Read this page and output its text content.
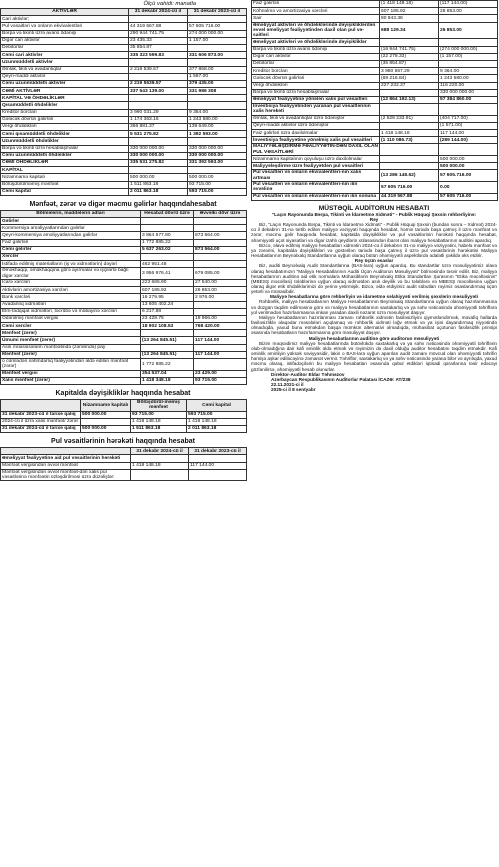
Ölçü vahidi: manatla
AKTİVLƏR	31 dekabr 2024-cü il	31 dekabr 2023-cü il
Cari aktivlər;		
Pul vəsaitləri və onların ekvivalentləri	44 319 567.88	57 605 716.00
Bərpa və tikinti üzrə avans ödənişi	290 944 741.75	274 000 000.00
Digər cari aktivlər	23 435.33	1 157.00
Debitorlar	35 854.87	
Cəmi cari aktivlər	335 323 599.83	331 606 873.00
Uzunmüddətli aktivlər		
Əmlak, tikili və avadanlıqlar	2 219 539.57	377 868.00
Qeyri-maddi aktivlər		1 567.00
Cəmi uzunmüddətli aktivlər	2 219 5539.57	379 435.00
CƏMİ AKTİVLƏR	337 543 139.00	331 986 308
KAPİTAL VƏ ÖHDƏLİKLƏR		
Qısamüddətli öhdəliklər		
Kreditor borcları	3 990 031.29	9 364.00
Gələcək dövrün gəlirləri	1 174 363.16	1 243 580.00
Vergi öhdəlikləri	366 881.37	139 649.00
Cəmi qısamüddətli öhdəliklər	5 531 275.82	1 392 593.00
Uzunmüddətli öhdəliklər		
Bərpa və tikinti üzrə hesablaşmalar	330 000 000.00	330 000 000.00
Cəmi uzunmüddətli öhdəliklər	330 000 000.00	330 000 000.00
CƏMİ ÖHDƏLİKLƏR	335 531 275.82	331 392 593.00
KAPİTAL		
Nizamnamə kapitalı	500 000.00	500 000.00
Bölüşdürülməmiş mənfəət	1 511 863.18	93 715.00
Cəmi kapital	2 011 863.18	593 715.00
Mənfəət, zərər və digər məcmu gəlirlər haqqındahesabat
Bölmələrin, maddələrin adları	Hesabat dövrü üzrə	Əvvəlki dövr üzrə
Gəlirlər		
Kommersiya əməliyyatlarından gəlirlər		
Qeyri-kommersiya əməliyyatlarından gəlirlər	3 864 577.80	873 564.00
Faiz gəlirləri	1 772 885.22	
Cəmi gəlirlər	5 637 263.02	873 564.00
Xərclər		
İstifadə edilmiş materialların (iş və xidmətlərin) dəyəri	462 951.48	
Əməkhaqqı, əməkhaqqına görə ayırmalar və işçilərlə bağlı digər xərclər	3 956 976.41	679 085.00
İcarə xərcləri	223 665.90	27 540.00
Aktivlərin amortizasiya xərcləri	607 185.92	26 853.00
Bank xərcləri	16 279.95	2 976.00
Avadanlıq xidmətləri	13 605 402.24	
Elm-tədqiqat xidmətləri, təcrübə və mübayinə xərcləri	6 217.88	
Ödənilmiş mənfəət vergisi	23 428.75	19 966.00
Cəmi xərclər	18 902 108.53	768 420.00
Mənfəət (zərər)		
Ümumi mənfəət (zərər)	(13 264 845.51)	117 144.00
Asılı müəssisələrin mənfəətində (zərərində) pay		
Mənfəət (zərər)	(13 264 845.51)	117 144.00
o cümlədən səhmdarlıq fəaliyyətindən əldə edilən mənfəət (zərər)	1 772 885.22	
Mənfəət vergisi	354 537.04	23 429.00
Xalis mənfəət (zərər)	1 418 348.18	93 715.00
Kapitalda dəyişikliklər haqqında hesabat
	Nizamnamə kapitalı	Bölüşdürül-məmiş mənfəət	Cəmi kapital
31 dekabr 2023-cü il tarixə qalıq	500 000.00	93 715.00	593 715.00
2024-cü il üzrə xalis mənfəət/ zərər		1 418 148.18	1 418 148.18
31 dekabr 2024-cü il tarixə qalıq	500 000.00	1 511 863.18	2 011 863.18
Pul vəsaitlərinin hərəkəti haqqında hesabat
	31 dekabr 2024-cü il	31 dekabr 2023-cü il
Əməliyyat fəaliyyətinə aid pul vəsaitlərinin hərəkəti		
Mənfəət vergisindən əvvəl mənfəət	1 418 148.18	117 144.00
Mənfəət vergisindən əvvəl mənfəət-dən xalis pul vəsaitlərinə mənfəətin üzləşdirilməsi üzrə düzəlişlər:		
Faiz gəlirləri	(1 418 148.18)	(117 144.00)
Köhnəlmə və amortizasiya xərcləri	607 185.92	26 853.00
Sair	80 943.38	
Əməliyyat aktivləri və öhdəliklərində dəyişikliklərdən əvvəl əməliyyat fəaliyyətindən daxil olan pul və-saitləri	688 129.34	26 853.00
Əməliyyat aktivləri və öhdəliklərində dəyişikliklər		
Bərpa və tikinti üzrə avans ödənişi	(16 944 741.75)	(274 000 000.00)
Digər cari aktivlər	(22 278.33)	(1 157.00)
Debitorlar	(35 854.87)	
Kreditor borcları	3 980 667.29	9 364.00
Gələcək dövrün gəlirləri	(69 216.84)	1 243 580.00
Vergi öhdəlikləri	227 232.37	116 220.00
Bərpa və tikinti üzrə hesablaşmalar		330 000 000.00
Əməliyyat fəaliyyətinə yönələn xalis pul vəsaitləri	(12 864 192.13)	57 384 860.00
İnvestisiya fəaliyyətindən yaranan pul vəsaitlərinin xalis hərəkəti		
Əmlak, tikili və avadanlıqlar üzrə ödənişlər	(2 528 233.91)	(404 717.00)
Qeyri-maddi aktivlər üzrə ödənişlər		(1 571.00)
Faiz gəlirləri üzrə daxilolmalar	1 418 148.18	117 144.00
İnvestisiya fəaliyyətinə yönəlmiş xalis pul vəsaitləri	(1 110 086.73)	(289 144.00)
MALİYYƏLƏŞDİRMƏ FƏALİYYƏTİN-DƏN DAXİL OLAN PUL VƏSAİTLƏRİ		
Nizamnamə kapitalının qoyuluşu üzrə daxilolmalar		500 000.00
Maliyyələşdirmə üzrə fəaliyyətdən pul vəsaitləri		500 000.00
Pul vəsaitləri və onların ekvivalentləri-nin xalis artması	(13 286 148.52)	57 605.716.00
Pul vəsaitləri və onların ekvivalentləri-nin ilin əvvəlinə	57 605 716.00	0.00
Pul vəsaitləri və onların ekvivalentləri-nin ilin sonuna	44 319 567.88	57 605 716.00
MÜSTƏQİL AUDİTORUN HESABATI

"Laçın Rayonunda Bərpa, Tikinti və İdarəetmə Xidməti" - Publik Hüquqi Şəxsin rəhbərliyinə:

Rəy

Biz, "Laçın Rayonunda Bərpa, Tikinti və İdarəetmə Xidməti" - Publik Hüquqi Şəxsin (bundan sonra – Xidmət) 2024-cü il dekabrın 31-nə tərtib edilən maliyyə vəziyyəti haqqında hesabat, həmin tarixdə başa çatmış il üzrə mənfəət və zərər, məcmu gəlir haqqında hesabat, kapitalda dəyişikliklər və pul vəsaitlərinin hərəkəti haqqında hesabat, əhəmiyyətli uçot siyasətləri və digər izahlı qeydlərin xülasəsindən ibarət olan maliyyə hesabatlarının auditini apardıq.

Bizcə, əlavə edilmiş maliyyə hesabatları xidmətin 2024-cü il dekabrın 31-nə maliyyə vəziyyətini, habelə mənfəət və ya zərərini, kapitalda dəyişiklikləri və göstərilən tarixdə başa çatmış il üzrə pul vəsaitlərinin hərəkətini Maliyyə Hesabatlarının Beynəlxalq Standartlarına uyğun olaraq bütün əhəmiyyətli aspektlərdə ədalətli şəkildə əks etdirir.

Rəy üçün əsaslar

Biz, auditi Beynəlxalq Audit Standartlarına (BAS-lara) uyğun apardıq. Bu standartlar üzrə məsuliyyətimiz əlavə olaraq hesabatımızın "Maliyyə Hesabatlarının Auditi Üçün Auditorun Məsuliyyəti" bölməsində təsvir edilir. Biz, maliyyə hesabatlarının auditinə aid etik normalara Mühasiblərin Beynəlxalq Etika Standartları Şurasının "Etika məcəlləsinin" (MBESŞ məcəlləsi) tələblərinə uyğun olaraq xidmətdən asılı deyilik və bu tələblərə və MBESŞ məcəlləsinə uyğun olaraq digər etik öhdəliklərimizi də yerinə yetirmişik. Bizcə, əldə etdiyimiz audit sübutları rəyimiz əsaslandırmaq üçün yetərli və münasibdir.

Maliyyə hesabatlarına görə rəhbərliyin və idarəetmə səlahiyyəti verilmiş şəxslərin məsuliyyəti

Rəhbərlik, maliyyə hesabatlarının Maliyyə Hesabatlarının Beynəlxalq Standartlarına uyğun olaraq hazırlanmasına və düzgün təqdim edilməsinə görə və maliyyə hesabatlarının saxtakarlıq və ya səhv nəticəsində əhəmiyyətli təhriflərə yol verilmədən hazırlanmasına imkan yaradan daxili nəzarət üzrə məsuliyyət daşıyır.

Maliyyə hesabatlarının hazırlanması zamanı rəhbərlik xidmətin fasiləsizliyini qiymətləndirmək, müvafiq hallarda fasiləsizliklə əlaqədar məsələləri açıqlamaq və rəhbərlik xidməti ləğv etmək və ya işini dayandırmaq niyyətində olmadıqda, yaxud bunu etməkdən başqa mümkün alternativi olmadıqda, mühasibat uçotunun fasiləsizlik prinsipi əsasında hesabatların hazırlanmasına görə məsuliyyət daşıyır.

Maliyyə hesabatlarının auditinə görə auditorun məsuliyyəti

Bizim məqsədimiz maliyyə hesabatlarında bütövlükdə saxtakarlıq və ya səhv nəticəsində əhəmiyyətli təhriflərin olub-olmadığına dair kafi əminlik əldə etmək və rəyimizin də daxil olduğu auditor hesabatını təqdim etməkdir. Kafi əminlik əminliyin yüksək səviyyəsidir, lakin o BAS-lara uyğun aparılan audit zamanı mövcud olan əhəmiyyətli təhrifin həmişə aşkar ediləcəyinə zəmanət vermir. Təhriflər, saxtakarlıq və ya səhv nəticəsində yarana bilər və ayrılıqda, yaxud məcmu olaraq, istifadəçilərin bu maliyyə hesabatları əsasında qəbul etdikləri iqtisadi qərarlarına təsir edəcəyi gözlənilirsə, əhəmiyyətli hesab olunurlar.

Direktor-Auditor Eldar Təhməzov

Azərbaycan Respublikasının Auditorlar Palatası İCAZƏ: AT/238

22.11.2021-ci il

2025-ci il 8 sentyabr
